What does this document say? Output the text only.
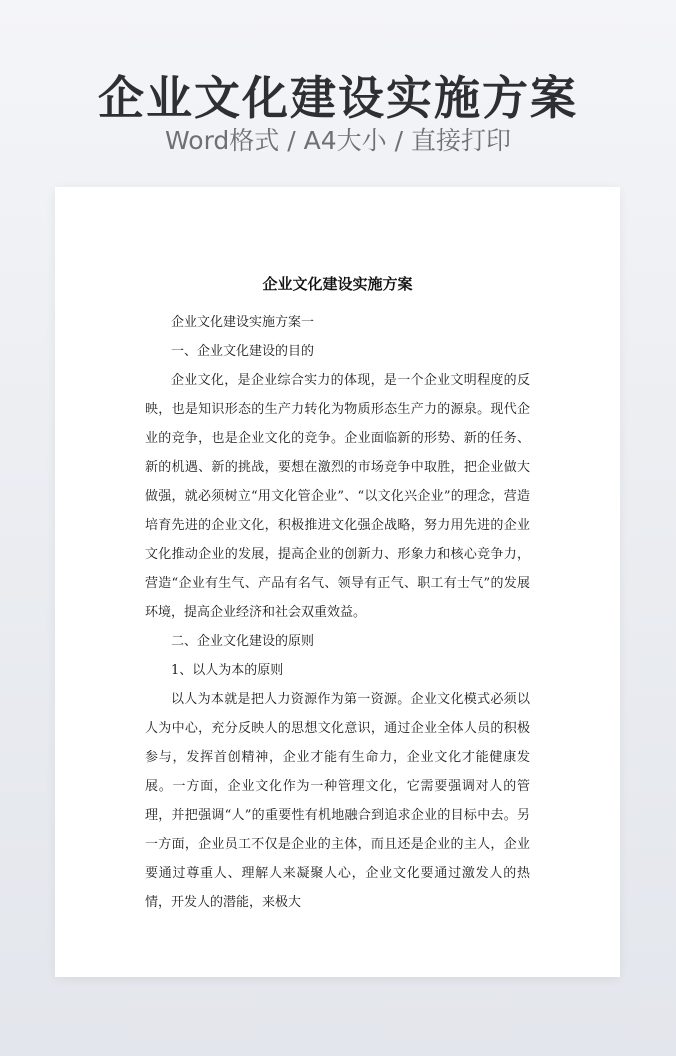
企业文化建设实施方案
Word格式 / A4大小 / 直接打印
企业文化建设实施方案

企业文化建设实施方案一

一、企业文化建设的目的

企业文化，是企业综合实力的体现，是一个企业文明程度的反映，也是知识形态的生产力转化为物质形态生产力的源泉。现代企业的竞争，也是企业文化的竞争。企业面临新的形势、新的任务、新的机遇、新的挑战，要想在激烈的市场竞争中取胜，把企业做大做强，就必须树立“用文化管企业”、“以文化兴企业”的理念，营造培育先进的企业文化，积极推进文化强企战略，努力用先进的企业文化推动企业的发展，提高企业的创新力、形象力和核心竞争力，营造“企业有生气、产品有名气、领导有正气、职工有士气”的发展环境，提高企业经济和社会双重效益。

二、企业文化建设的原则

1、以人为本的原则

以人为本就是把人力资源作为第一资源。企业文化模式必须以人为中心，充分反映人的思想文化意识，通过企业全体人员的积极参与，发挥首创精神，企业才能有生命力，企业文化才能健康发展。一方面，企业文化作为一种管理文化，它需要强调对人的管理，并把强调“人”的重要性有机地融合到追求企业的目标中去。另一方面，企业员工不仅是企业的主体，而且还是企业的主人，企业要通过尊重人、理解人来凝聚人心，企业文化要通过激发人的热情，开发人的潜能，来极大
